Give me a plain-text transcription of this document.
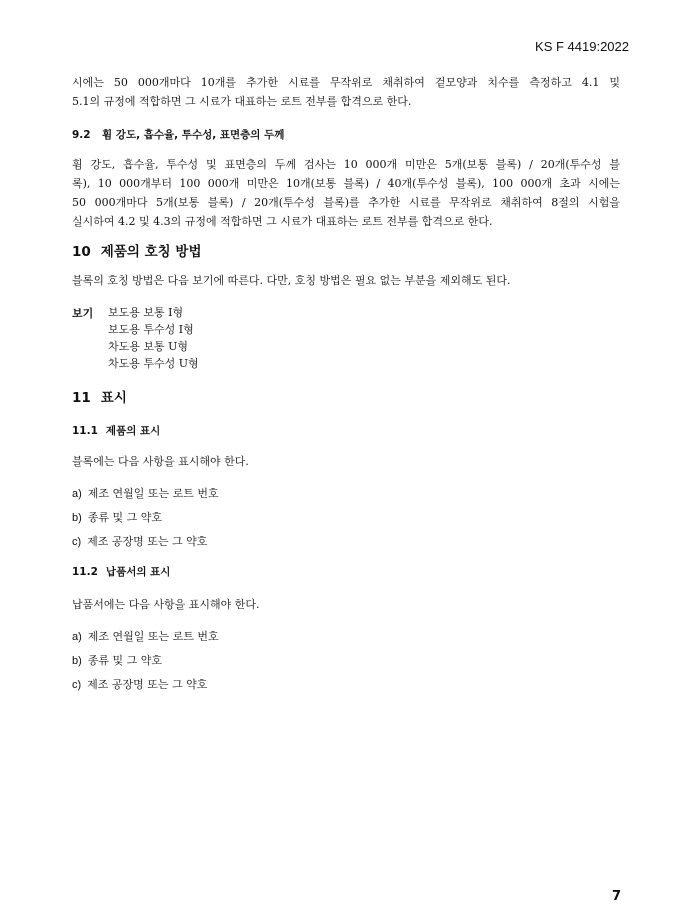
KS F 4419:2022
시에는 50 000개마다 10개를 추가한 시료를 무작위로 채취하여 겉모양과 치수를 측정하고 4.1 및
5.1의 규정에 적합하면 그 시료가 대표하는 로트 전부를 합격으로 한다.
9.2 휨 강도, 흡수율, 투수성, 표면층의 두께
휨 강도, 흡수율, 투수성 및 표면층의 두께 검사는 10 000개 미만은 5개(보통 블록) / 20개(투수성 블
록), 10 000개부터 100 000개 미만은 10개(보통 블록) / 40개(투수성 블록), 100 000개 초과 시에는
50 000개마다 5개(보통 블록) / 20개(투수성 블록)를 추가한 시료를 무작위로 채취하여 8절의 시험을
실시하여 4.2 및 4.3의 규정에 적합하면 그 시료가 대표하는 로트 전부를 합격으로 한다.
10 제품의 호칭 방법
블록의 호칭 방법은 다음 보기에 따른다. 다만, 호칭 방법은 필요 없는 부분을 제외해도 된다.
보기 보도용 보통 I형
보도용 투수성 I형
차도용 보통 U형
차도용 투수성 U형
11 표시
11.1 제품의 표시
블록에는 다음 사항을 표시해야 한다.
a) 제조 연월일 또는 로트 번호
b) 종류 및 그 약호
c) 제조 공장명 또는 그 약호
11.2 납품서의 표시
납품서에는 다음 사항을 표시해야 한다.
a) 제조 연월일 또는 로트 번호
b) 종류 및 그 약호
c) 제조 공장명 또는 그 약호
7
